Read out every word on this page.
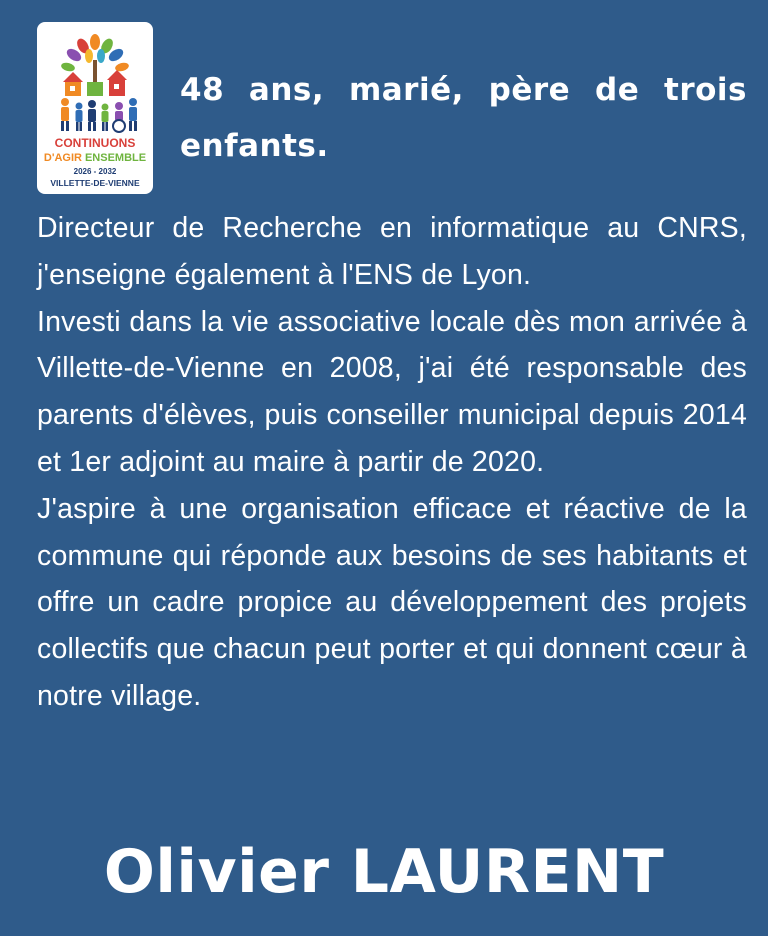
CONTINUONS
D'AGIR ENSEMBLE
2026 - 2032
VILLETTE-DE-VIENNE
48 ans, marié, père de trois enfants.

Directeur de Recherche en informatique au CNRS, j'enseigne également à l'ENS de Lyon.

Investi dans la vie associative locale dès mon arrivée à Villette-de-Vienne en 2008, j'ai été responsable des parents d'élèves, puis conseiller municipal depuis 2014 et 1er adjoint au maire à partir de 2020.

J'aspire à une organisation efficace et réactive de la commune qui réponde aux besoins de ses habitants et offre un cadre propice au développement des projets collectifs que chacun peut porter et qui donnent cœur à notre village.

Olivier LAURENT
